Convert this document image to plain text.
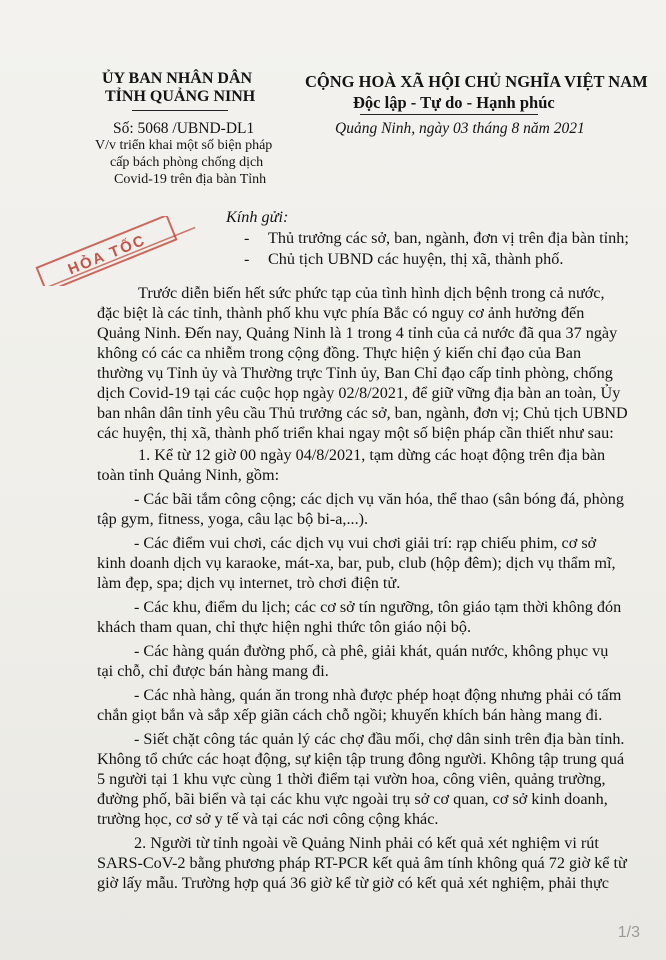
ỦY BAN NHÂN DÂN
TỈNH QUẢNG NINH
CỘNG HOÀ XÃ HỘI CHỦ NGHĨA VIỆT NAM
Độc lập - Tự do - Hạnh phúc
Số: 5068 /UBND-DL1
V/v triển khai một số biện pháp
cấp bách phòng chống dịch
Covid-19 trên địa bàn Tỉnh
Quảng Ninh, ngày 03 tháng 8 năm 2021
HỎA TỐC
Kính gửi:
- Thủ trưởng các sở, ban, ngành, đơn vị trên địa bàn tỉnh;
- Chủ tịch UBND các huyện, thị xã, thành phố.
Trước diễn biến hết sức phức tạp của tình hình dịch bệnh trong cả nước,
đặc biệt là các tỉnh, thành phố khu vực phía Bắc có nguy cơ ảnh hưởng đến
Quảng Ninh. Đến nay, Quảng Ninh là 1 trong 4 tỉnh của cả nước đã qua 37 ngày
không có các ca nhiễm trong cộng đồng. Thực hiện ý kiến chỉ đạo của Ban
thường vụ Tỉnh ủy và Thường trực Tỉnh ủy, Ban Chỉ đạo cấp tỉnh phòng, chống
dịch Covid-19 tại các cuộc họp ngày 02/8/2021, để giữ vững địa bàn an toàn, Ủy
ban nhân dân tỉnh yêu cầu Thủ trưởng các sở, ban, ngành, đơn vị; Chủ tịch UBND
các huyện, thị xã, thành phố triển khai ngay một số biện pháp cần thiết như sau:
1. Kể từ 12 giờ 00 ngày 04/8/2021, tạm dừng các hoạt động trên địa bàn
toàn tỉnh Quảng Ninh, gồm:
- Các bãi tắm công cộng; các dịch vụ văn hóa, thể thao (sân bóng đá, phòng
tập gym, fitness, yoga, câu lạc bộ bi-a,...).
- Các điểm vui chơi, các dịch vụ vui chơi giải trí: rạp chiếu phim, cơ sở
kinh doanh dịch vụ karaoke, mát-xa, bar, pub, club (hộp đêm); dịch vụ thẩm mĩ,
làm đẹp, spa; dịch vụ internet, trò chơi điện tử.
- Các khu, điểm du lịch; các cơ sở tín ngưỡng, tôn giáo tạm thời không đón
khách tham quan, chỉ thực hiện nghi thức tôn giáo nội bộ.
- Các hàng quán đường phố, cà phê, giải khát, quán nước, không phục vụ
tại chỗ, chỉ được bán hàng mang đi.
- Các nhà hàng, quán ăn trong nhà được phép hoạt động nhưng phải có tấm
chắn giọt bắn và sắp xếp giãn cách chỗ ngồi; khuyến khích bán hàng mang đi.
- Siết chặt công tác quản lý các chợ đầu mối, chợ dân sinh trên địa bàn tỉnh.
Không tổ chức các hoạt động, sự kiện tập trung đông người. Không tập trung quá
5 người tại 1 khu vực cùng 1 thời điểm tại vườn hoa, công viên, quảng trường,
đường phố, bãi biển và tại các khu vực ngoài trụ sở cơ quan, cơ sở kinh doanh,
trường học, cơ sở y tế và tại các nơi công cộng khác.
2. Người từ tỉnh ngoài về Quảng Ninh phải có kết quả xét nghiệm vi rút
SARS-CoV-2 bằng phương pháp RT-PCR kết quả âm tính không quá 72 giờ kể từ
giờ lấy mẫu. Trường hợp quá 36 giờ kể từ giờ có kết quả xét nghiệm, phải thực
1/3
